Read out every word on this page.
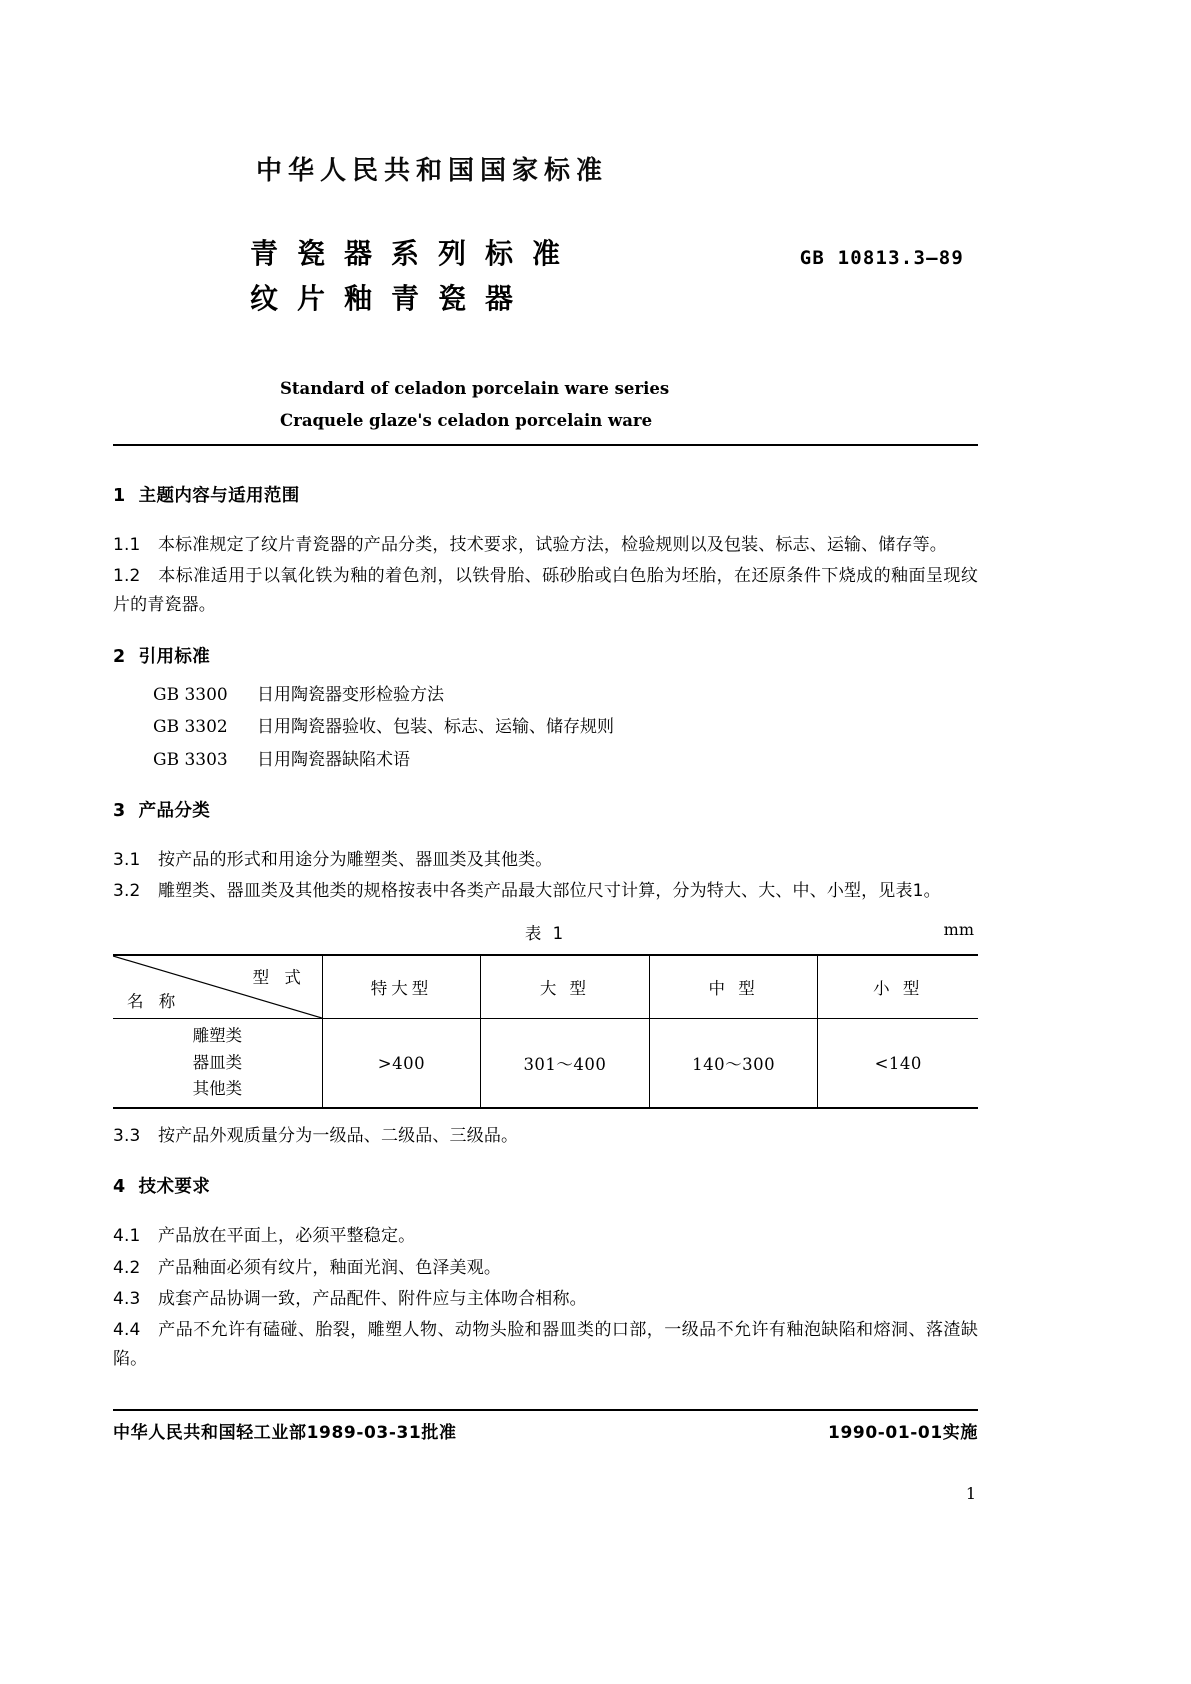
中华人民共和国国家标准
青瓷器系列标准
纹片釉青瓷器
GB 10813.3—89
Standard of celadon porcelain ware series
Craquele glaze's celadon porcelain ware
1 主题内容与适用范围

1.1 本标准规定了纹片青瓷器的产品分类，技术要求，试验方法，检验规则以及包装、标志、运输、储存等。

1.2 本标准适用于以氧化铁为釉的着色剂，以铁骨胎、砾砂胎或白色胎为坯胎，在还原条件下烧成的釉面呈现纹片的青瓷器。

2 引用标准
GB 3300 日用陶瓷器变形检验方法
GB 3302 日用陶瓷器验收、包装、标志、运输、储存规则
GB 3303 日用陶瓷器缺陷术语
3 产品分类

3.1 按产品的形式和用途分为雕塑类、器皿类及其他类。

3.2 雕塑类、器皿类及其他类的规格按表中各类产品最大部位尺寸计算，分为特大、大、中、小型，见表1。

表 1	mm
型 式
名 称	特大型	大 型	中 型	小 型

雕塑类
器皿类
其他类	>400	301～400	140～300	<140

3.3 按产品外观质量分为一级品、二级品、三级品。

4 技术要求

4.1 产品放在平面上，必须平整稳定。

4.2 产品釉面必须有纹片，釉面光润、色泽美观。

4.3 成套产品协调一致，产品配件、附件应与主体吻合相称。

4.4 产品不允许有磕碰、胎裂，雕塑人物、动物头脸和器皿类的口部，一级品不允许有釉泡缺陷和熔洞、落渣缺陷。

中华人民共和国轻工业部1989-03-31批准	1990-01-01实施
1
